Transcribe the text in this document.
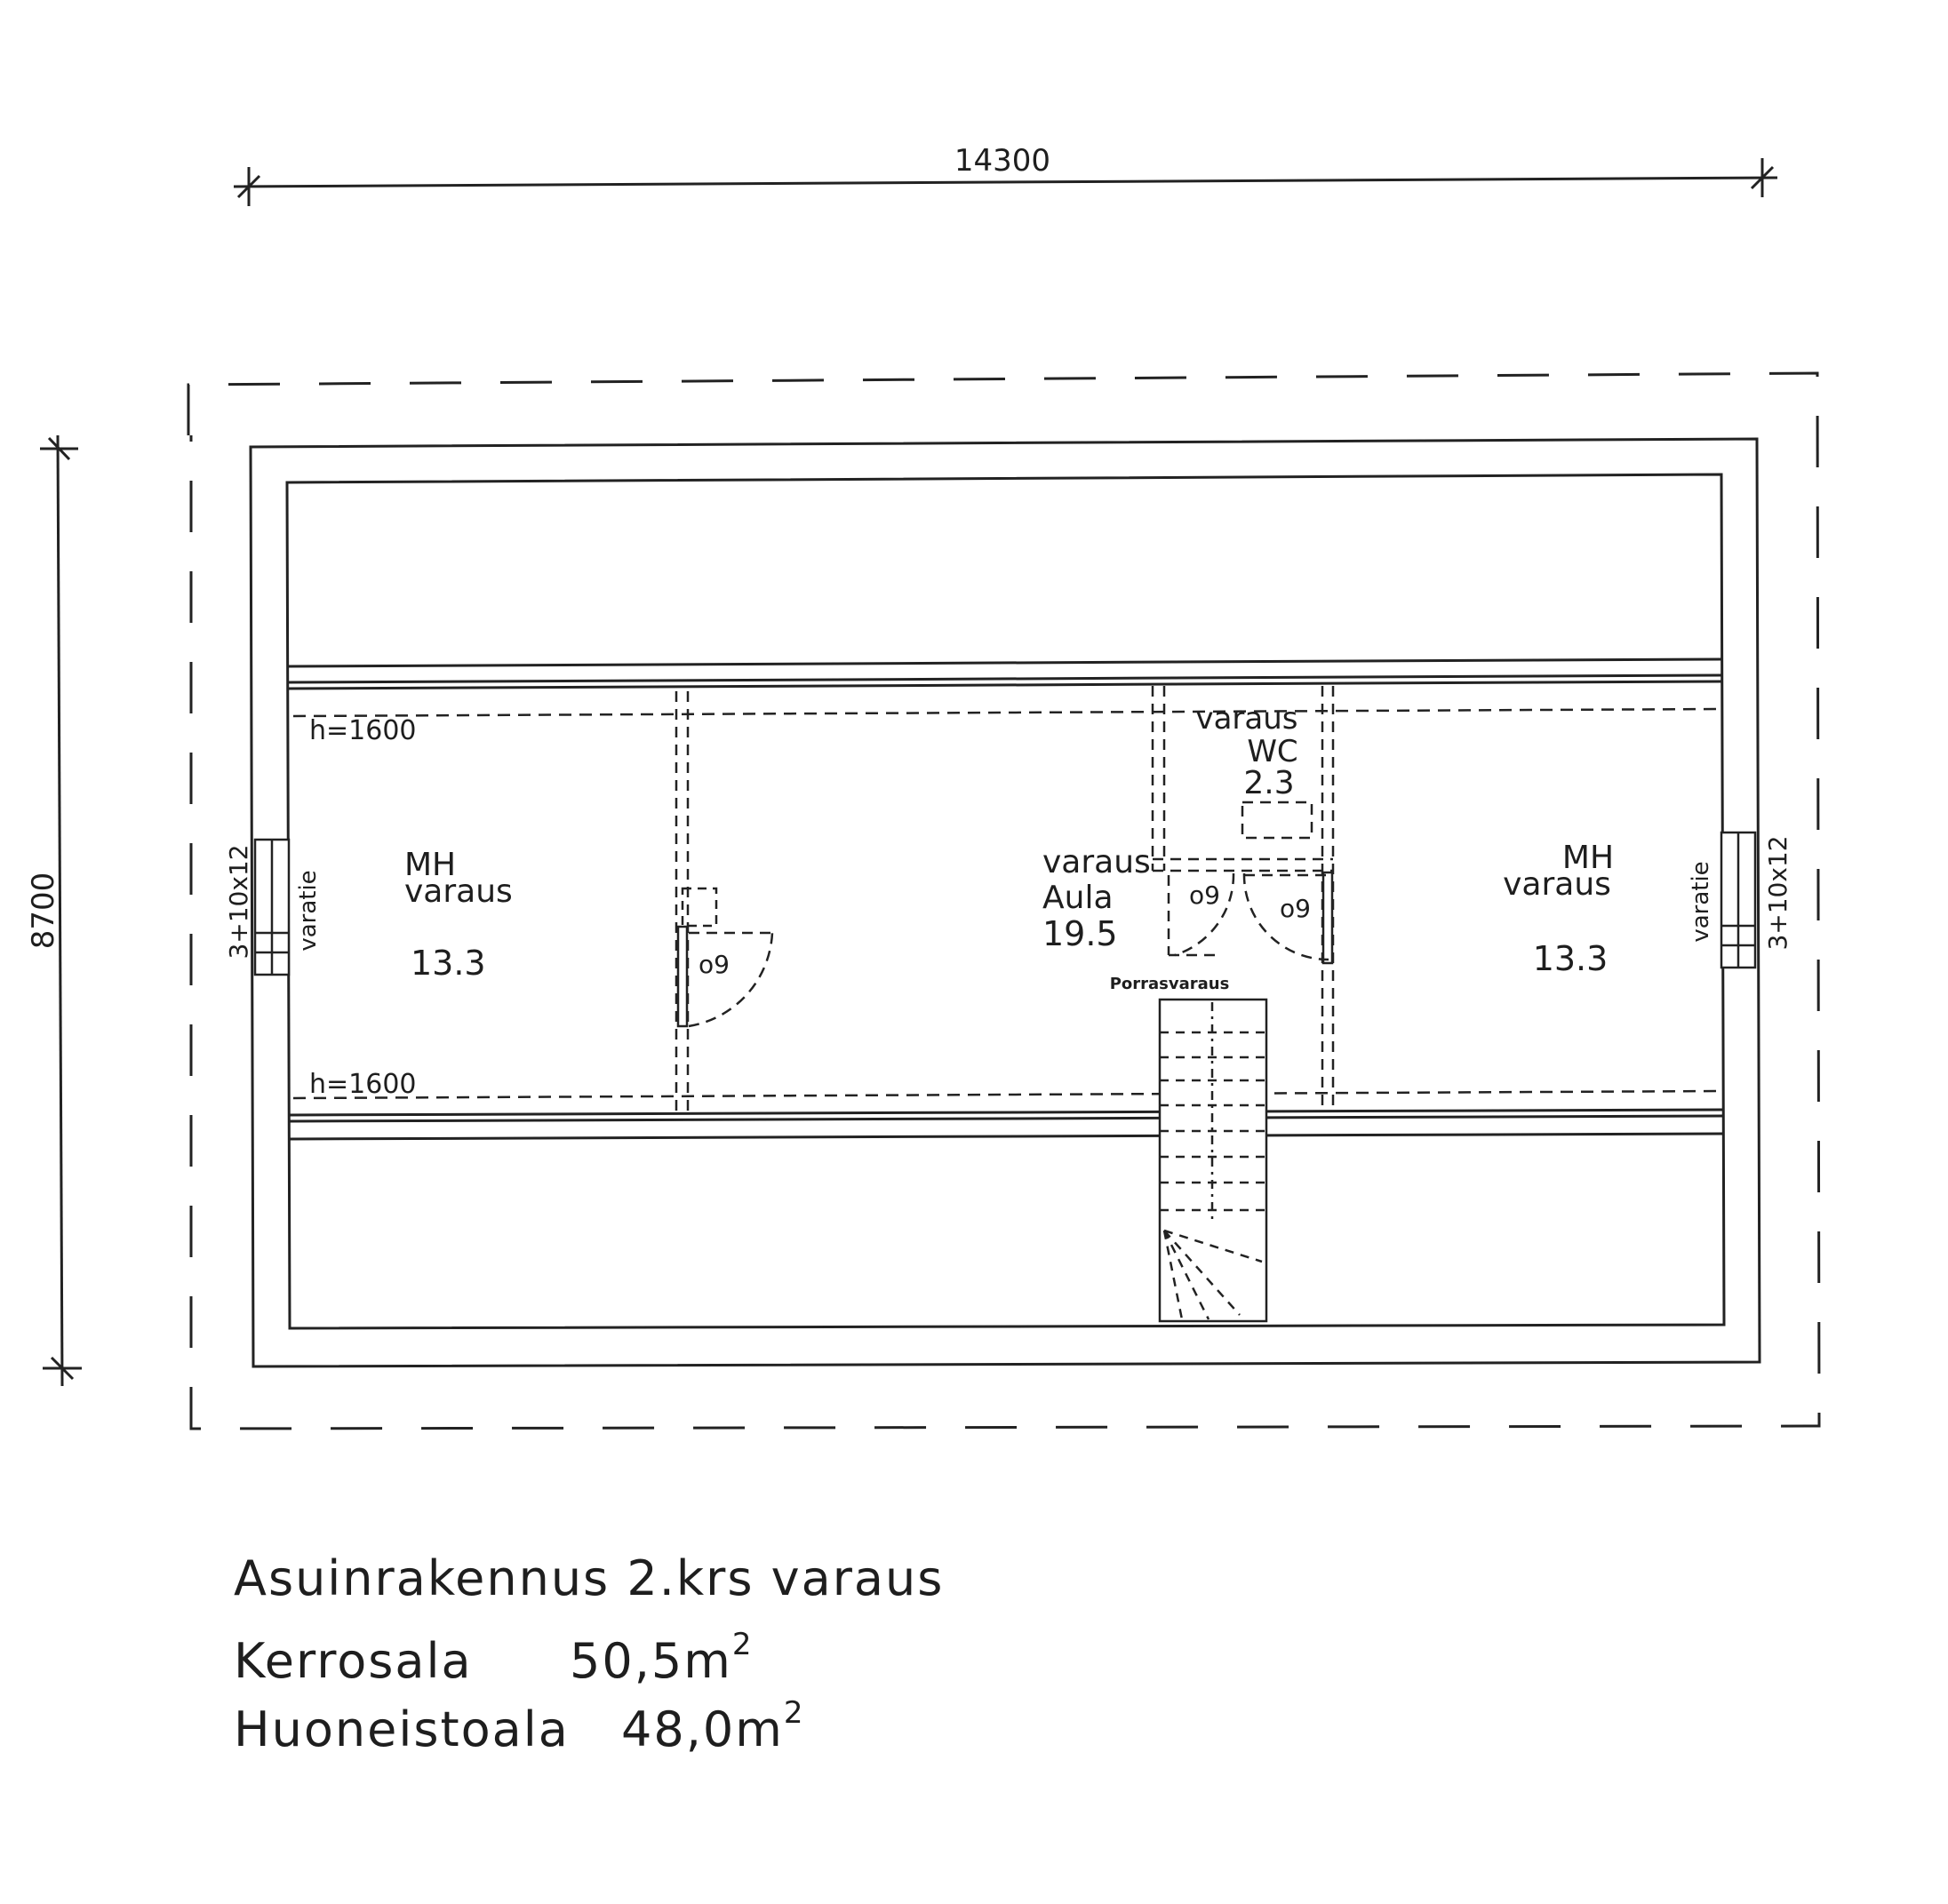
14300
8700
h=1600
h=1600
o9
o9 o9
Porrasvaraus
3+10x12 varatie	3+10x12
varatie
MH
varaus
13.3
varaus
Aula
19.5
varaus
WC
2.3
MH
varaus
13.3
Asuinrakennus 2.krs varaus
Kerrosala $50,5m^2$
Huoneistoala $48,0m^2$
